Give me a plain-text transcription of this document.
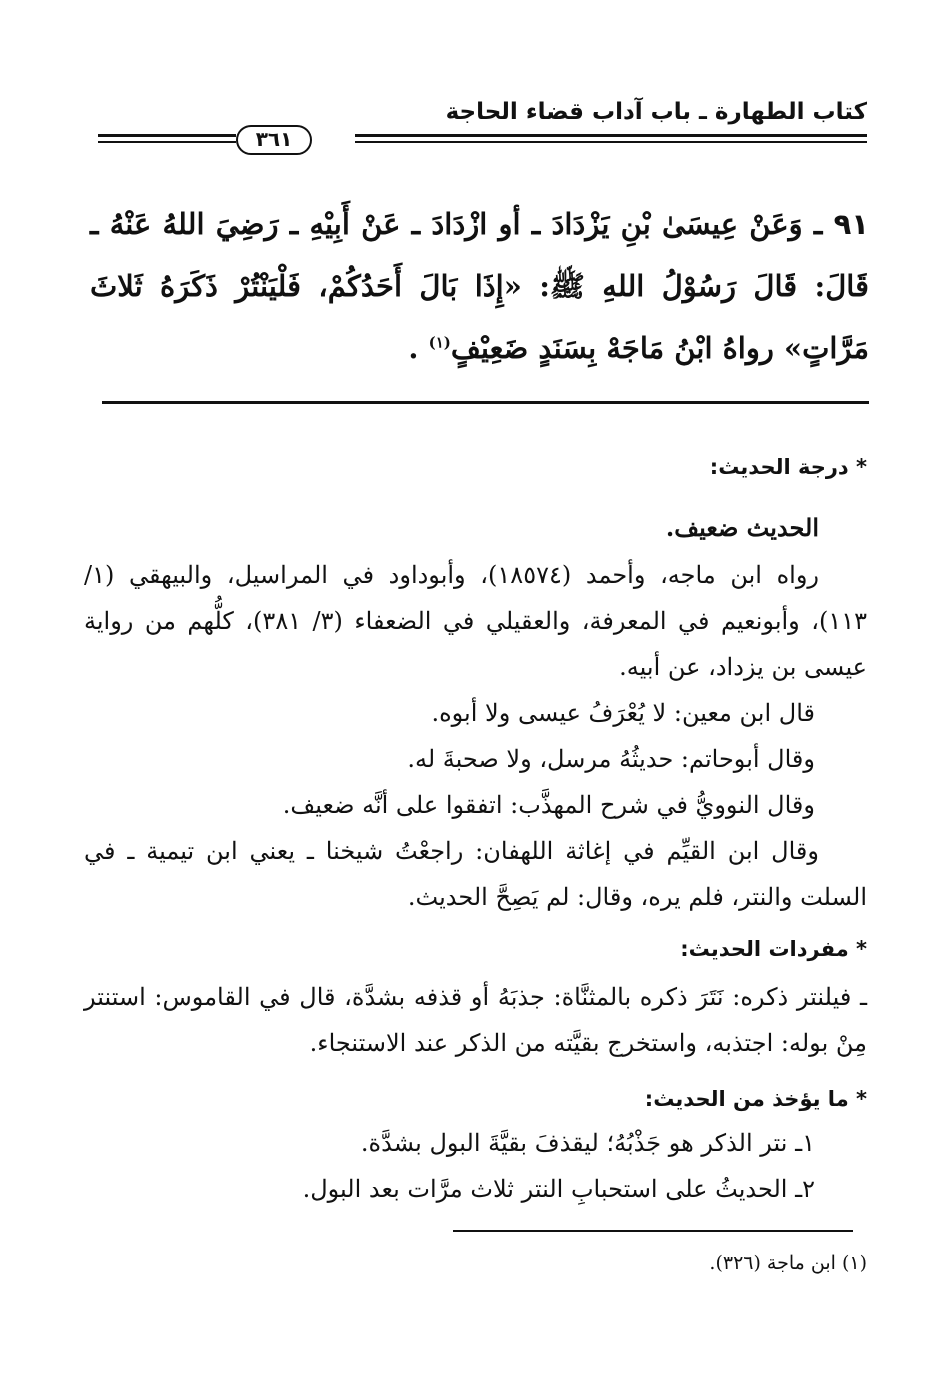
كتاب الطهارة ـ باب آداب قضاء الحاجة
٣٦١
٩١ ـ وَعَنْ عِيسَىٰ بْنِ يَزْدَادَ ـ أو ازْدَادَ ـ عَنْ أَبِيْهِ ـ رَضِيَ اللهُ عَنْهُ ـ قَالَ: قَالَ رَسُوْلُ اللهِ ﷺ: «إِذَا بَالَ أَحَدُكُمْ، فَلْيَنْتُرْ ذَكَرَهُ ثَلاثَ مَرَّاتٍ» رواهُ ابْنُ مَاجَهْ بِسَنَدٍ ضَعِيْفٍ$^{(١)}$ .
* درجة الحديث:
الحديث ضعيف.
رواه ابن ماجه، وأحمد (١٨٥٧٤)، وأبوداود في المراسيل، والبيهقي (١/ ١١٣)، وأبونعيم في المعرفة، والعقيلي في الضعفاء (٣/ ٣٨١)، كلُّهم من رواية عيسى بن يزداد، عن أبيه.
قال ابن معين: لا يُعْرَفُ عيسى ولا أبوه.
وقال أبوحاتم: حديثُهُ مرسل، ولا صحبةَ له.
وقال النوويُّ في شرح المهذَّب: اتفقوا على أنَّه ضعيف.
وقال ابن القيِّم في إغاثة اللهفان: راجعْتُ شيخنا ـ يعني ابن تيمية ـ في السلت والنتر، فلم يره، وقال: لم يَصِحَّ الحديث.
* مفردات الحديث:
ـ فيلنتر ذكره: نَتَرَ ذكره بالمثنَّاة: جذبَهُ أو قذفه بشدَّة، قال في القاموس: استنتر مِنْ بوله: اجتذبه، واستخرج بقيَّته من الذكر عند الاستنجاء.
* ما يؤخذ من الحديث:
١ـ نتر الذكر هو جَذْبُهُ؛ ليقذفَ بقيَّةَ البول بشدَّة.
٢ـ الحديثُ على استحبابِ النتر ثلاث مرَّات بعد البول.
(١) ابن ماجة (٣٢٦).
